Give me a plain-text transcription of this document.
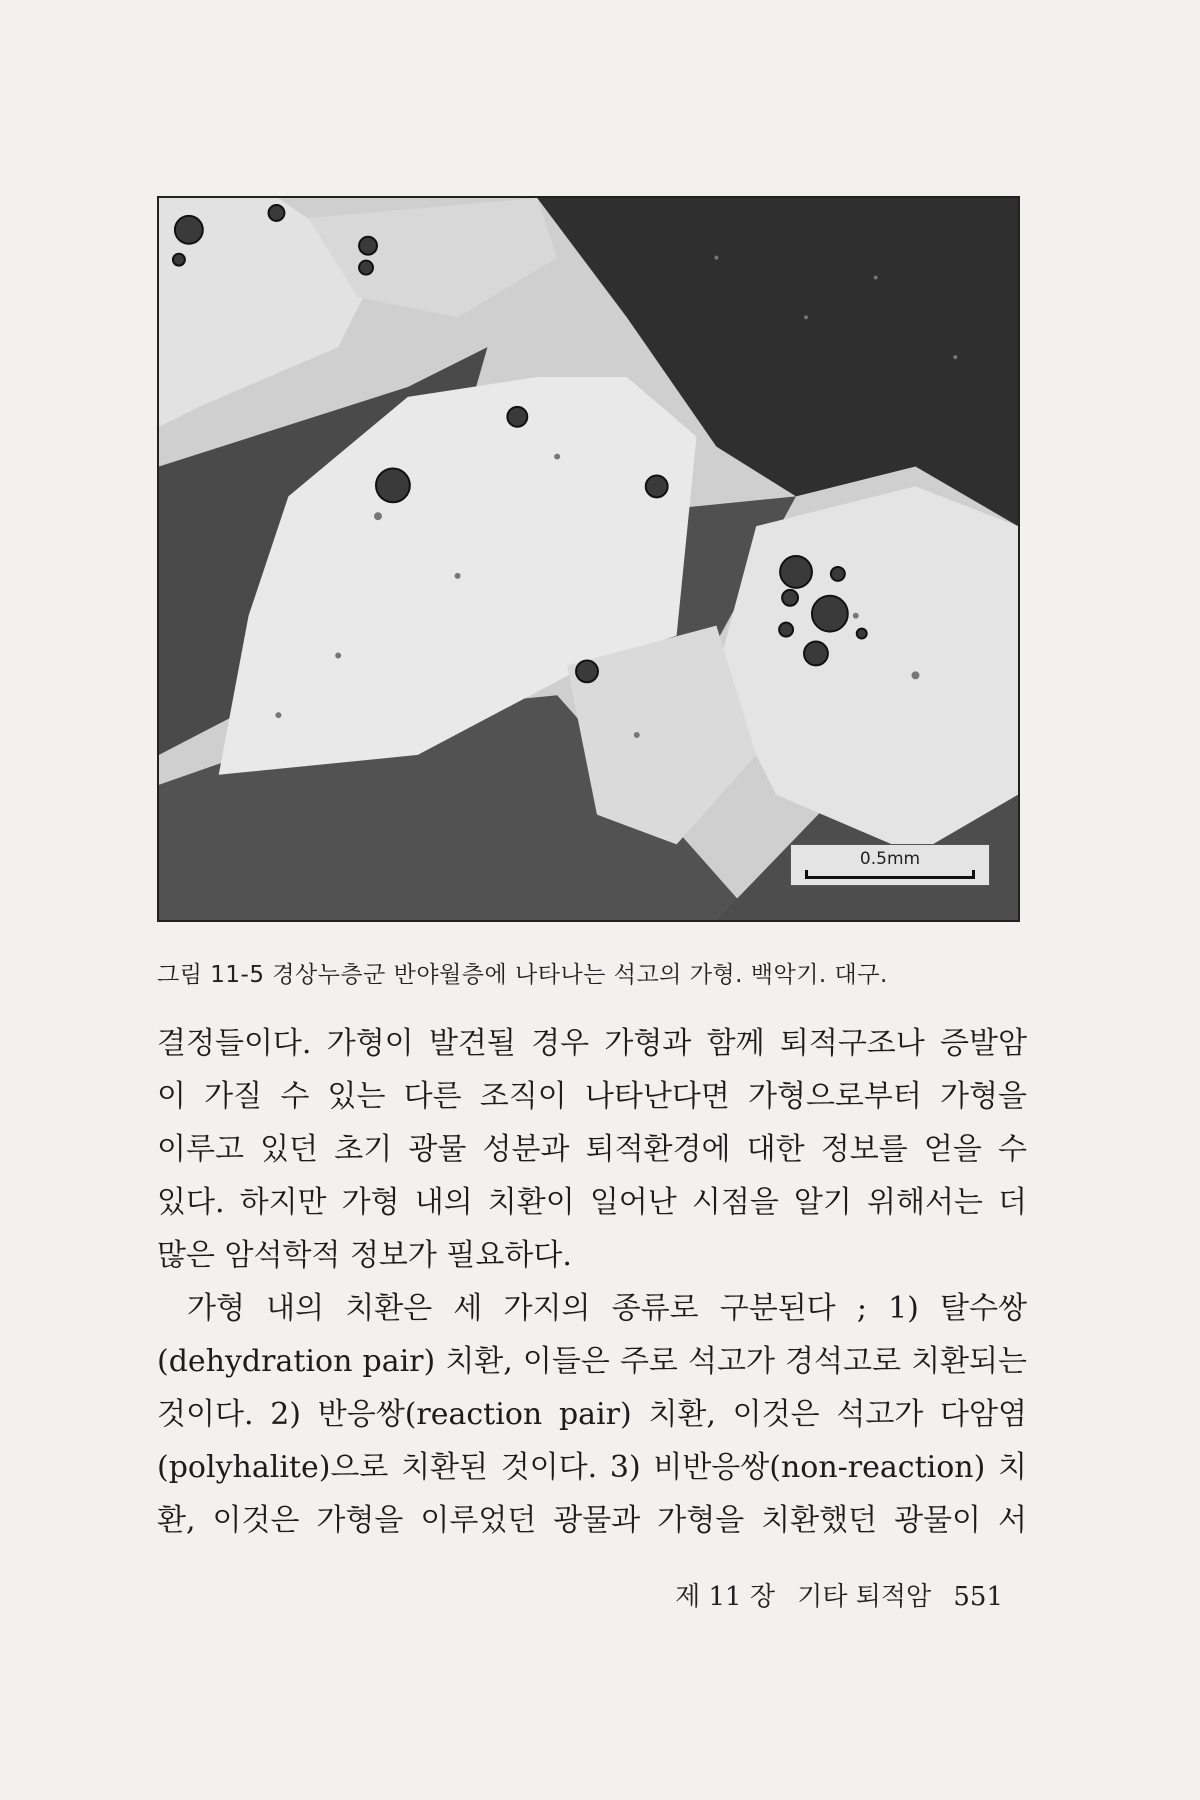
0.5mm
그림 11-5 경상누층군 반야월층에 나타나는 석고의 가형. 백악기. 대구.
결정들이다. 가형이 발견될 경우 가형과 함께 퇴적구조나 증발암
이 가질 수 있는 다른 조직이 나타난다면 가형으로부터 가형을
이루고 있던 초기 광물 성분과 퇴적환경에 대한 정보를 얻을 수
있다. 하지만 가형 내의 치환이 일어난 시점을 알기 위해서는 더
많은 암석학적 정보가 필요하다.
가형 내의 치환은 세 가지의 종류로 구분된다 ; 1) 탈수쌍
(dehydration pair) 치환, 이들은 주로 석고가 경석고로 치환되는
것이다. 2) 반응쌍(reaction pair) 치환, 이것은 석고가 다암염
(polyhalite)으로 치환된 것이다. 3) 비반응쌍(non-reaction) 치
환, 이것은 가형을 이루었던 광물과 가형을 치환했던 광물이 서
제 11 장 기타 퇴적암 551
